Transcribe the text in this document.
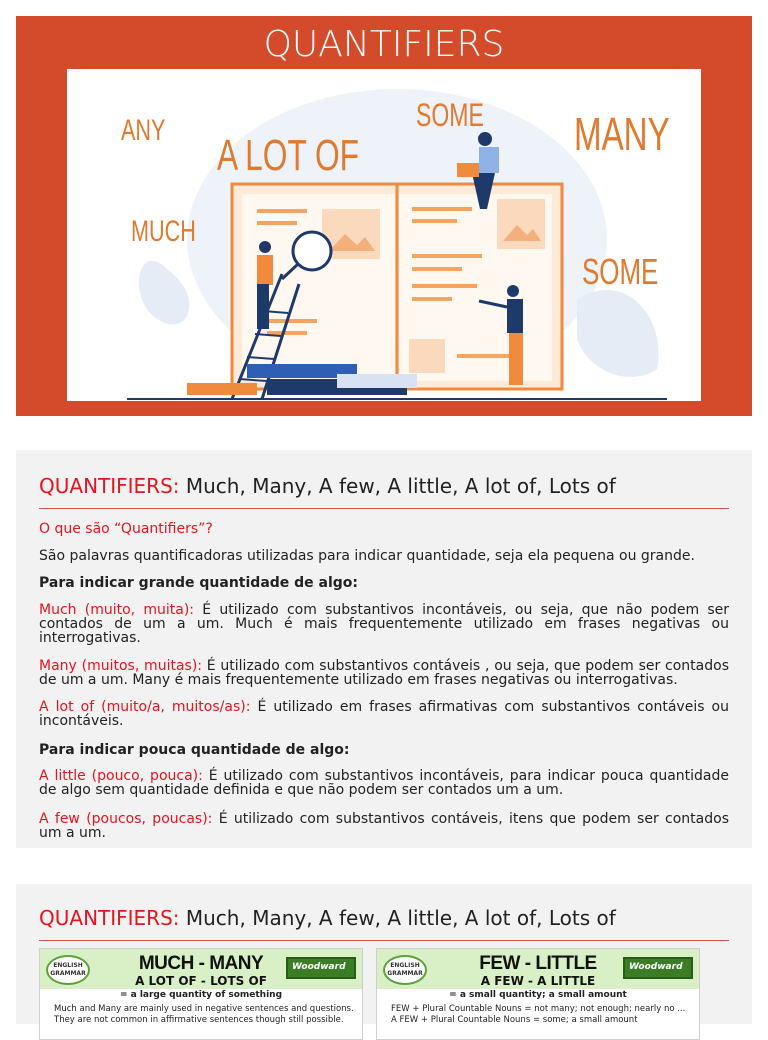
QUANTIFIERS
ANY
A LOT OF
SOME MANY
MUCH
SOME
QUANTIFIERS: Much, Many, A few, A little, A lot of, Lots of
O que são “Quantifiers”?
São palavras quantificadoras utilizadas para indicar quantidade, seja ela pequena ou grande.
Para indicar grande quantidade de algo:
Much (muito, muita): É utilizado com substantivos incontáveis, ou seja, que não podem ser contados de um a um. Much é mais frequentemente utilizado em frases negativas ou interrogativas.
Many (muitos, muitas): É utilizado com substantivos contáveis , ou seja, que podem ser contados de um a um. Many é mais frequentemente utilizado em frases negativas ou interrogativas.
A lot of (muito/a, muitos/as): É utilizado em frases afirmativas com substantivos contáveis ou incontáveis.
Para indicar pouca quantidade de algo:
A little (pouco, pouca): É utilizado com substantivos incontáveis, para indicar pouca quantidade de algo sem quantidade definida e que não podem ser contados um a um.
A few (poucos, poucas): É utilizado com substantivos contáveis, itens que podem ser contados um a um.
QUANTIFIERS: Much, Many, A few, A little, A lot of, Lots of
ENGLISH GRAMMAR	MUCH - MANY
A LOT OF - LOTS OF
Woodward
= a large quantity of something
Much and Many are mainly used in negative sentences and questions.
They are not common in affirmative sentences though still possible.
ENGLISH GRAMMAR	FEW - LITTLE
A FEW - A LITTLE
Woodward
= a small quantity; a small amount
FEW + Plural Countable Nouns = not many; not enough; nearly no ...
A FEW + Plural Countable Nouns = some; a small amount
